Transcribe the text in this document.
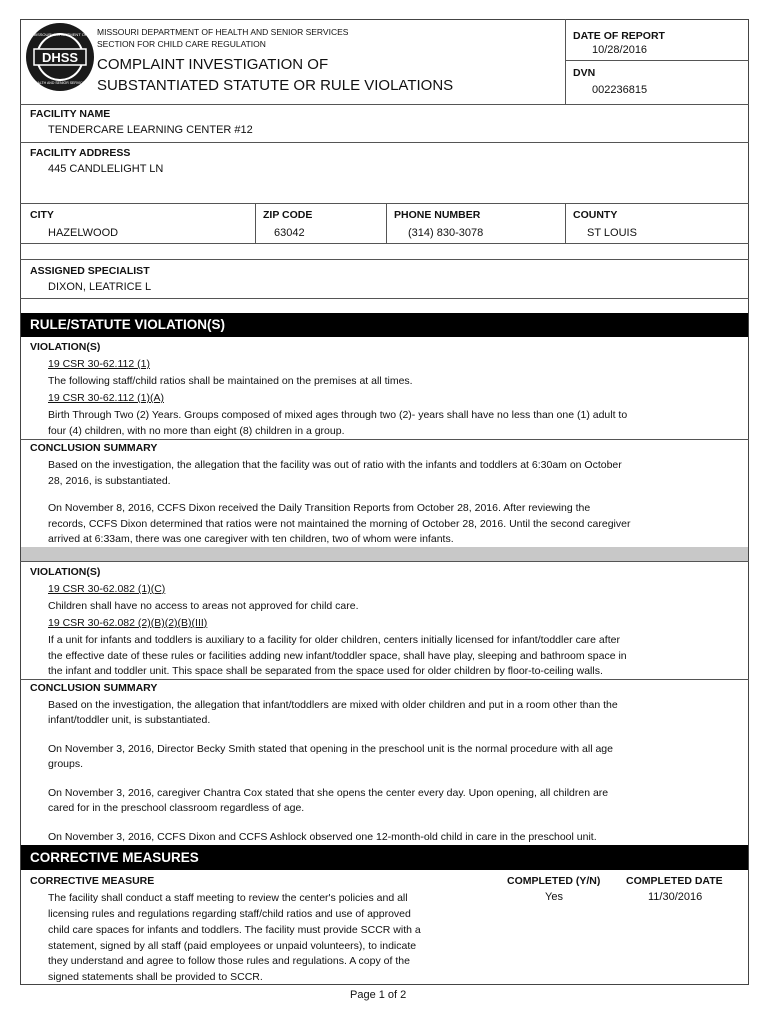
DHSS
MISSOURI DEPARTMENT OF
HEALTH AND SENIOR SERVICES
MISSOURI DEPARTMENT OF HEALTH AND SENIOR SERVICES
SECTION FOR CHILD CARE REGULATION
COMPLAINT INVESTIGATION OF
SUBSTANTIATED STATUTE OR RULE VIOLATIONS
DATE OF REPORT
10/28/2016
DVN
002236815
FACILITY NAME
TENDERCARE LEARNING CENTER #12
FACILITY ADDRESS
445 CANDLELIGHT LN
CITY
HAZELWOOD
ZIP CODE
63042
PHONE NUMBER
(314) 830-3078
COUNTY
ST LOUIS
ASSIGNED SPECIALIST
DIXON, LEATRICE L
RULE/STATUTE VIOLATION(S)
VIOLATION(S)
19 CSR 30-62.112 (1)
The following staff/child ratios shall be maintained on the premises at all times.
19 CSR 30-62.112 (1)(A)
Birth Through Two (2) Years. Groups composed of mixed ages through two (2)- years shall have no less than one (1) adult to
four (4) children, with no more than eight (8) children in a group.
CONCLUSION SUMMARY
Based on the investigation, the allegation that the facility was out of ratio with the infants and toddlers at 6:30am on October
28, 2016, is substantiated.
On November 8, 2016, CCFS Dixon received the Daily Transition Reports from October 28, 2016. After reviewing the
records, CCFS Dixon determined that ratios were not maintained the morning of October 28, 2016. Until the second caregiver
arrived at 6:33am, there was one caregiver with ten children, two of whom were infants.
VIOLATION(S)
19 CSR 30-62.082 (1)(C)
Children shall have no access to areas not approved for child care.
19 CSR 30-62.082 (2)(B)(2)(B)(III)
If a unit for infants and toddlers is auxiliary to a facility for older children, centers initially licensed for infant/toddler care after
the effective date of these rules or facilities adding new infant/toddler space, shall have play, sleeping and bathroom space in
the infant and toddler unit. This space shall be separated from the space used for older children by floor-to-ceiling walls.
CONCLUSION SUMMARY
Based on the investigation, the allegation that infant/toddlers are mixed with older children and put in a room other than the
infant/toddler unit, is substantiated.
On November 3, 2016, Director Becky Smith stated that opening in the preschool unit is the normal procedure with all age
groups.
On November 3, 2016, caregiver Chantra Cox stated that she opens the center every day. Upon opening, all children are
cared for in the preschool classroom regardless of age.
On November 3, 2016, CCFS Dixon and CCFS Ashlock observed one 12-month-old child in care in the preschool unit.
CORRECTIVE MEASURES
CORRECTIVE MEASURE	COMPLETED (Y/N) COMPLETED DATE
The facility shall conduct a staff meeting to review the center's policies and all
licensing rules and regulations regarding staff/child ratios and use of approved
child care spaces for infants and toddlers. The facility must provide SCCR with a
statement, signed by all staff (paid employees or unpaid volunteers), to indicate
they understand and agree to follow those rules and regulations. A copy of the
signed statements shall be provided to SCCR.
Yes	11/30/2016
Page 1 of 2
